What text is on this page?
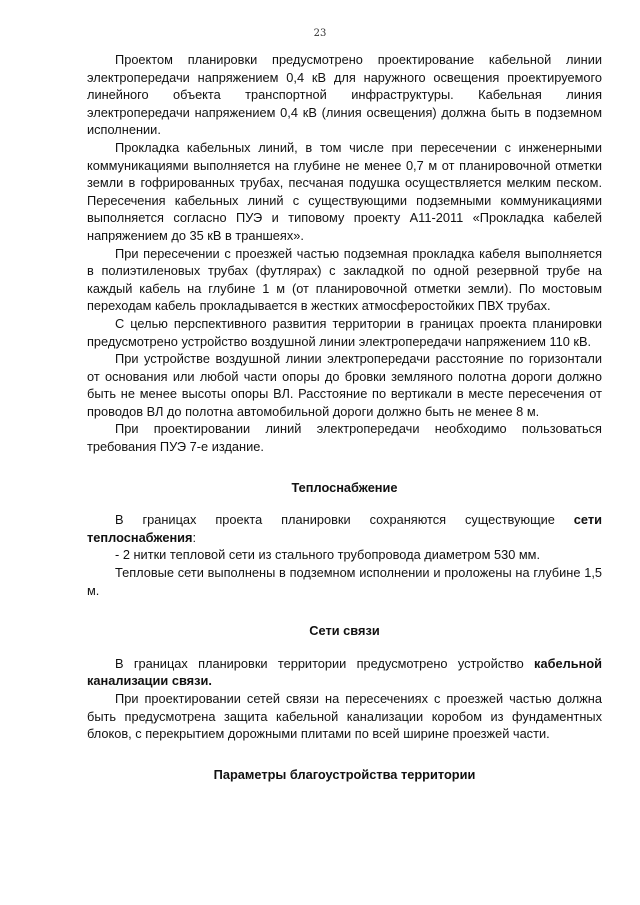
23

Проектом планировки предусмотрено проектирование кабельной линии электропередачи напряжением 0,4 кВ для наружного освещения проектируемого линейного объекта транспортной инфраструктуры. Кабельная линия электропередачи напряжением 0,4 кВ (линия освещения) должна быть в подземном исполнении.

Прокладка кабельных линий, в том числе при пересечении с инженерными коммуникациями выполняется на глубине не менее 0,7 м от планировочной отметки земли в гофрированных трубах, песчаная подушка осуществляется мелким песком. Пересечения кабельных линий с существующими подземными коммуникациями выполняется согласно ПУЭ и типовому проекту А11-2011 «Прокладка кабелей напряжением до 35 кВ в траншеях».

При пересечении с проезжей частью подземная прокладка кабеля выполняется в полиэтиленовых трубах (футлярах) с закладкой по одной резервной трубе на каждый кабель на глубине 1 м (от планировочной отметки земли). По мостовым переходам кабель прокладывается в жестких атмосферостойких ПВХ трубах.

С целью перспективного развития территории в границах проекта планировки предусмотрено устройство воздушной линии электропередачи напряжением 110 кВ.

При устройстве воздушной линии электропередачи расстояние по горизонтали от основания или любой части опоры до бровки земляного полотна дороги должно быть не менее высоты опоры ВЛ. Расстояние по вертикали в месте пересечения от проводов ВЛ до полотна автомобильной дороги должно быть не менее 8 м.

При проектировании линий электропередачи необходимо пользоваться требования ПУЭ 7-е издание.

Теплоснабжение

В границах проекта планировки сохраняются существующие сети теплоснабжения:

- 2 нитки тепловой сети из стального трубопровода диаметром 530 мм.

Тепловые сети выполнены в подземном исполнении и проложены на глубине 1,5 м.

Сети связи

В границах планировки территории предусмотрено устройство кабельной канализации связи.

При проектировании сетей связи на пересечениях с проезжей частью должна быть предусмотрена защита кабельной канализации коробом из фундаментных блоков, с перекрытием дорожными плитами по всей ширине проезжей части.

Параметры благоустройства территории
